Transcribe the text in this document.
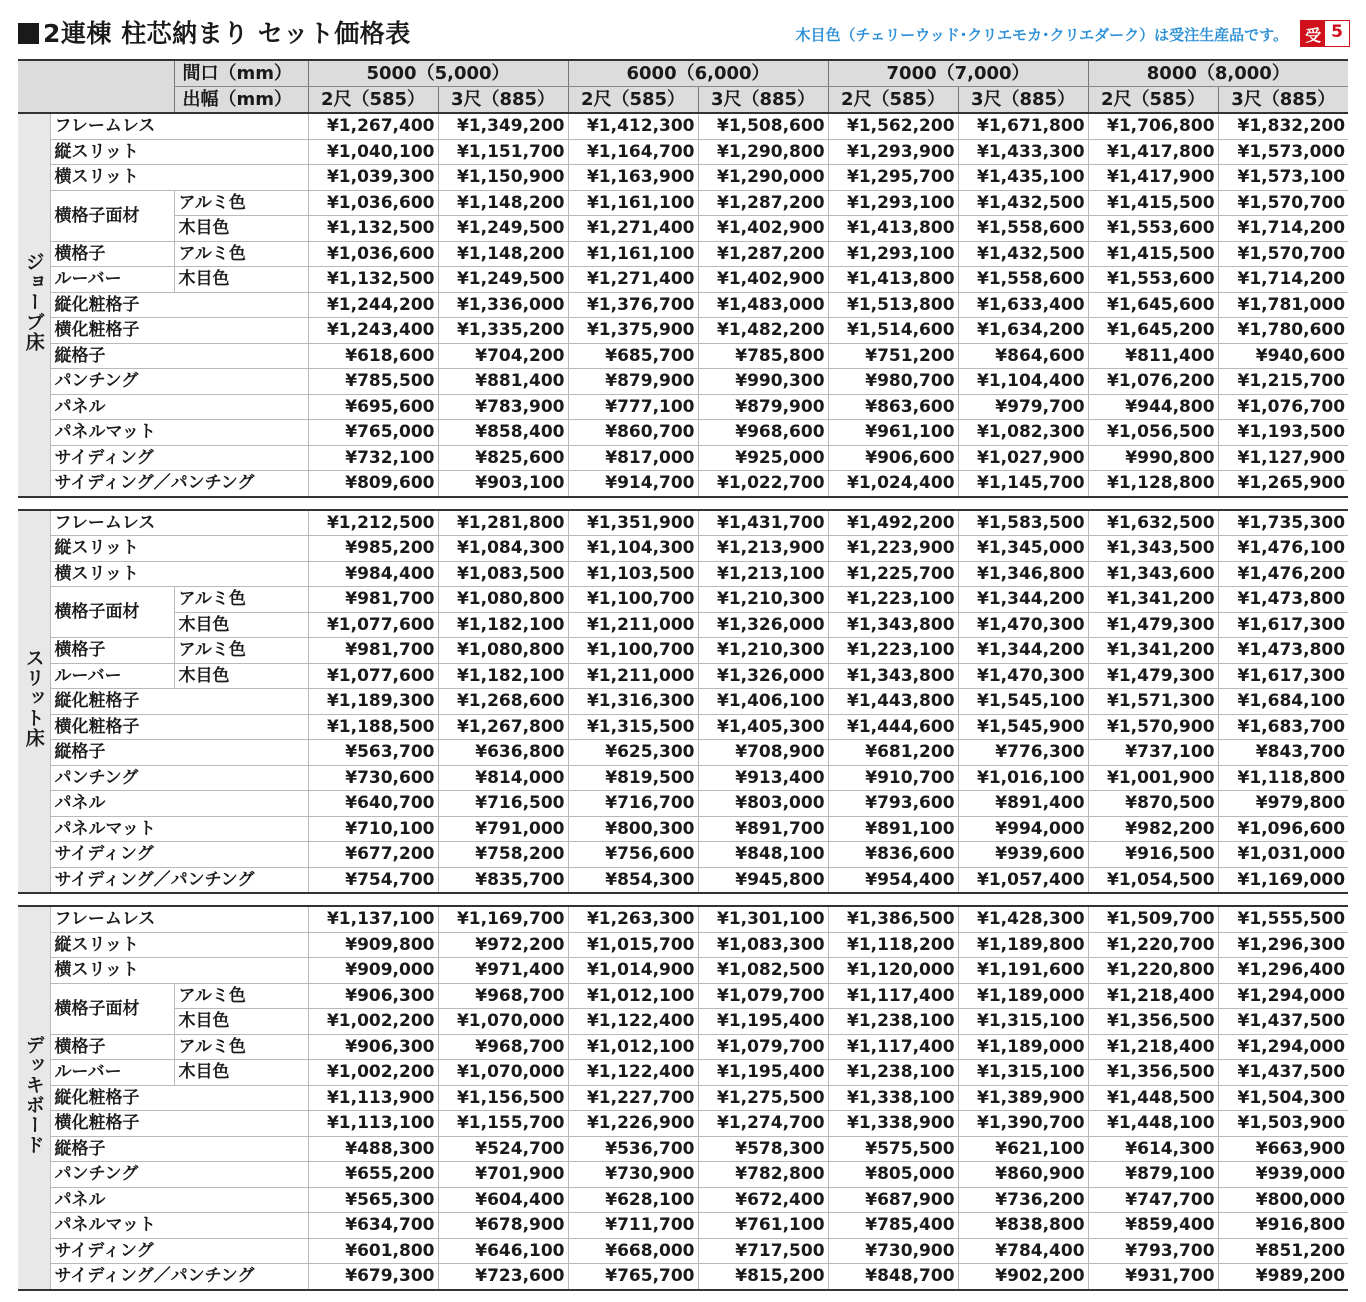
2連棟 柱芯納まり セット価格表	木目色（チェリーウッド･クリエモカ･クリエダーク）は受注生産品です。 受 5
		間口（mm）	5000（5,000）		6000（6,000）		7000（7,000）		8000（8,000）	
		出幅（mm）	2尺（585）	3尺（885）	2尺（585）	3尺（885）	2尺（585）	3尺（885）	2尺（585）	3尺（885）
ジョーブ床	フレームレス		¥1,267,400	¥1,349,200	¥1,412,300	¥1,508,600	¥1,562,200	¥1,671,800	¥1,706,800	¥1,832,200
	縦スリット		¥1,040,100	¥1,151,700	¥1,164,700	¥1,290,800	¥1,293,900	¥1,433,300	¥1,417,800	¥1,573,000
	横スリット		¥1,039,300	¥1,150,900	¥1,163,900	¥1,290,000	¥1,295,700	¥1,435,100	¥1,417,900	¥1,573,100
	横格子面材	アルミ色	¥1,036,600	¥1,148,200	¥1,161,100	¥1,287,200	¥1,293,100	¥1,432,500	¥1,415,500	¥1,570,700
		木目色	¥1,132,500	¥1,249,500	¥1,271,400	¥1,402,900	¥1,413,800	¥1,558,600	¥1,553,600	¥1,714,200
	横格子	アルミ色	¥1,036,600	¥1,148,200	¥1,161,100	¥1,287,200	¥1,293,100	¥1,432,500	¥1,415,500	¥1,570,700
	ルーバー	木目色	¥1,132,500	¥1,249,500	¥1,271,400	¥1,402,900	¥1,413,800	¥1,558,600	¥1,553,600	¥1,714,200
	縦化粧格子		¥1,244,200	¥1,336,000	¥1,376,700	¥1,483,000	¥1,513,800	¥1,633,400	¥1,645,600	¥1,781,000
	横化粧格子		¥1,243,400	¥1,335,200	¥1,375,900	¥1,482,200	¥1,514,600	¥1,634,200	¥1,645,200	¥1,780,600
	縦格子		¥618,600	¥704,200	¥685,700	¥785,800	¥751,200	¥864,600	¥811,400	¥940,600
	パンチング		¥785,500	¥881,400	¥879,900	¥990,300	¥980,700	¥1,104,400	¥1,076,200	¥1,215,700
	パネル		¥695,600	¥783,900	¥777,100	¥879,900	¥863,600	¥979,700	¥944,800	¥1,076,700
	パネルマット		¥765,000	¥858,400	¥860,700	¥968,600	¥961,100	¥1,082,300	¥1,056,500	¥1,193,500
	サイディング		¥732,100	¥825,600	¥817,000	¥925,000	¥906,600	¥1,027,900	¥990,800	¥1,127,900
	サイディング／パンチング		¥809,600	¥903,100	¥914,700	¥1,022,700	¥1,024,400	¥1,145,700	¥1,128,800	¥1,265,900

スリット床	フレームレス		¥1,212,500	¥1,281,800	¥1,351,900	¥1,431,700	¥1,492,200	¥1,583,500	¥1,632,500	¥1,735,300
	縦スリット		¥985,200	¥1,084,300	¥1,104,300	¥1,213,900	¥1,223,900	¥1,345,000	¥1,343,500	¥1,476,100
	横スリット		¥984,400	¥1,083,500	¥1,103,500	¥1,213,100	¥1,225,700	¥1,346,800	¥1,343,600	¥1,476,200
	横格子面材	アルミ色	¥981,700	¥1,080,800	¥1,100,700	¥1,210,300	¥1,223,100	¥1,344,200	¥1,341,200	¥1,473,800
		木目色	¥1,077,600	¥1,182,100	¥1,211,000	¥1,326,000	¥1,343,800	¥1,470,300	¥1,479,300	¥1,617,300
	横格子	アルミ色	¥981,700	¥1,080,800	¥1,100,700	¥1,210,300	¥1,223,100	¥1,344,200	¥1,341,200	¥1,473,800
	ルーバー	木目色	¥1,077,600	¥1,182,100	¥1,211,000	¥1,326,000	¥1,343,800	¥1,470,300	¥1,479,300	¥1,617,300
	縦化粧格子		¥1,189,300	¥1,268,600	¥1,316,300	¥1,406,100	¥1,443,800	¥1,545,100	¥1,571,300	¥1,684,100
	横化粧格子		¥1,188,500	¥1,267,800	¥1,315,500	¥1,405,300	¥1,444,600	¥1,545,900	¥1,570,900	¥1,683,700
	縦格子		¥563,700	¥636,800	¥625,300	¥708,900	¥681,200	¥776,300	¥737,100	¥843,700
	パンチング		¥730,600	¥814,000	¥819,500	¥913,400	¥910,700	¥1,016,100	¥1,001,900	¥1,118,800
	パネル		¥640,700	¥716,500	¥716,700	¥803,000	¥793,600	¥891,400	¥870,500	¥979,800
	パネルマット		¥710,100	¥791,000	¥800,300	¥891,700	¥891,100	¥994,000	¥982,200	¥1,096,600
	サイディング		¥677,200	¥758,200	¥756,600	¥848,100	¥836,600	¥939,600	¥916,500	¥1,031,000
	サイディング／パンチング		¥754,700	¥835,700	¥854,300	¥945,800	¥954,400	¥1,057,400	¥1,054,500	¥1,169,000

デッキボード	フレームレス		¥1,137,100	¥1,169,700	¥1,263,300	¥1,301,100	¥1,386,500	¥1,428,300	¥1,509,700	¥1,555,500
	縦スリット		¥909,800	¥972,200	¥1,015,700	¥1,083,300	¥1,118,200	¥1,189,800	¥1,220,700	¥1,296,300
	横スリット		¥909,000	¥971,400	¥1,014,900	¥1,082,500	¥1,120,000	¥1,191,600	¥1,220,800	¥1,296,400
	横格子面材	アルミ色	¥906,300	¥968,700	¥1,012,100	¥1,079,700	¥1,117,400	¥1,189,000	¥1,218,400	¥1,294,000
		木目色	¥1,002,200	¥1,070,000	¥1,122,400	¥1,195,400	¥1,238,100	¥1,315,100	¥1,356,500	¥1,437,500
	横格子	アルミ色	¥906,300	¥968,700	¥1,012,100	¥1,079,700	¥1,117,400	¥1,189,000	¥1,218,400	¥1,294,000
	ルーバー	木目色	¥1,002,200	¥1,070,000	¥1,122,400	¥1,195,400	¥1,238,100	¥1,315,100	¥1,356,500	¥1,437,500
	縦化粧格子		¥1,113,900	¥1,156,500	¥1,227,700	¥1,275,500	¥1,338,100	¥1,389,900	¥1,448,500	¥1,504,300
	横化粧格子		¥1,113,100	¥1,155,700	¥1,226,900	¥1,274,700	¥1,338,900	¥1,390,700	¥1,448,100	¥1,503,900
	縦格子		¥488,300	¥524,700	¥536,700	¥578,300	¥575,500	¥621,100	¥614,300	¥663,900
	パンチング		¥655,200	¥701,900	¥730,900	¥782,800	¥805,000	¥860,900	¥879,100	¥939,000
	パネル		¥565,300	¥604,400	¥628,100	¥672,400	¥687,900	¥736,200	¥747,700	¥800,000
	パネルマット		¥634,700	¥678,900	¥711,700	¥761,100	¥785,400	¥838,800	¥859,400	¥916,800
	サイディング		¥601,800	¥646,100	¥668,000	¥717,500	¥730,900	¥784,400	¥793,700	¥851,200
	サイディング／パンチング		¥679,300	¥723,600	¥765,700	¥815,200	¥848,700	¥902,200	¥931,700	¥989,200
